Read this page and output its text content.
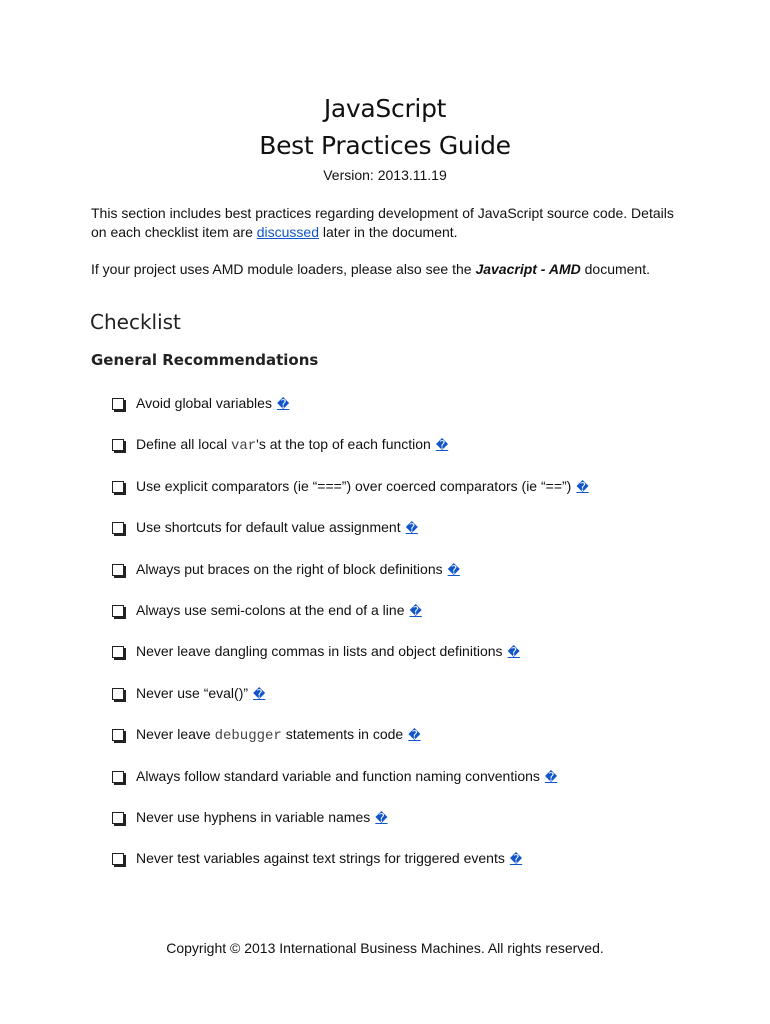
JavaScript
Best Practices Guide
Version: 2013.11.19
This section includes best practices regarding development of JavaScript source code. Details on each checklist item are discussed later in the document.
If your project uses AMD module loaders, please also see the Javacript - AMD document.
Checklist
General Recommendations
Avoid global variables �
Define all local var's at the top of each function �
Use explicit comparators (ie “===”) over coerced comparators (ie “==”) �
Use shortcuts for default value assignment �
Always put braces on the right of block definitions �
Always use semi-colons at the end of a line �
Never leave dangling commas in lists and object definitions �
Never use “eval()” �
Never leave debugger statements in code �
Always follow standard variable and function naming conventions �
Never use hyphens in variable names �
Never test variables against text strings for triggered events �
Copyright © 2013 International Business Machines. All rights reserved.
